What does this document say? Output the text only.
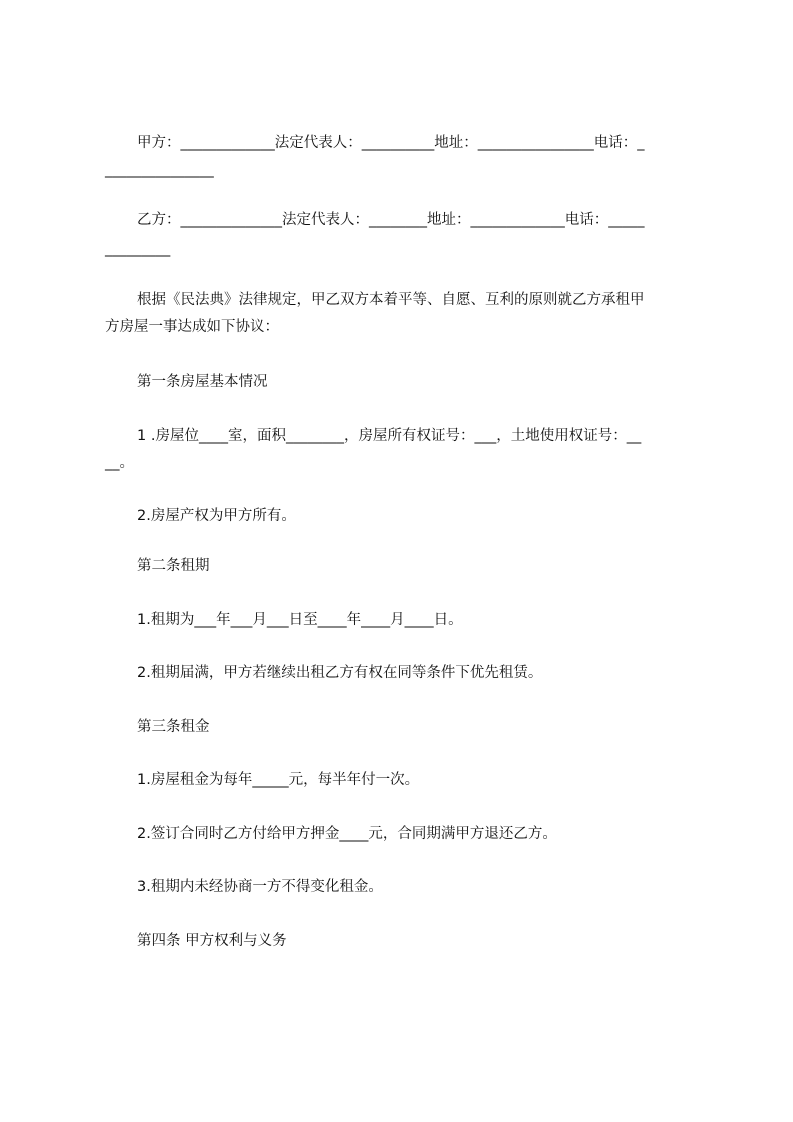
甲方：_____________法定代表人：__________地址：________________电话：_
_______________
乙方：______________法定代表人：________地址：_____________电话：_____
_________
根据《民法典》法律规定，甲乙双方本着平等、自愿、互利的原则就乙方承租甲
方房屋一事达成如下协议：
第一条房屋基本情况
1 .房屋位____室，面积________，房屋所有权证号：___，土地使用权证号：__
__。
2.房屋产权为甲方所有。
第二条租期
1.租期为___年___月___日至____年____月____日。
2.租期届满，甲方若继续出租乙方有权在同等条件下优先租赁。
第三条租金
1.房屋租金为每年_____元，每半年付一次。
2.签订合同时乙方付给甲方押金____元，合同期满甲方退还乙方。
3.租期内未经协商一方不得变化租金。
第四条 甲方权利与义务
